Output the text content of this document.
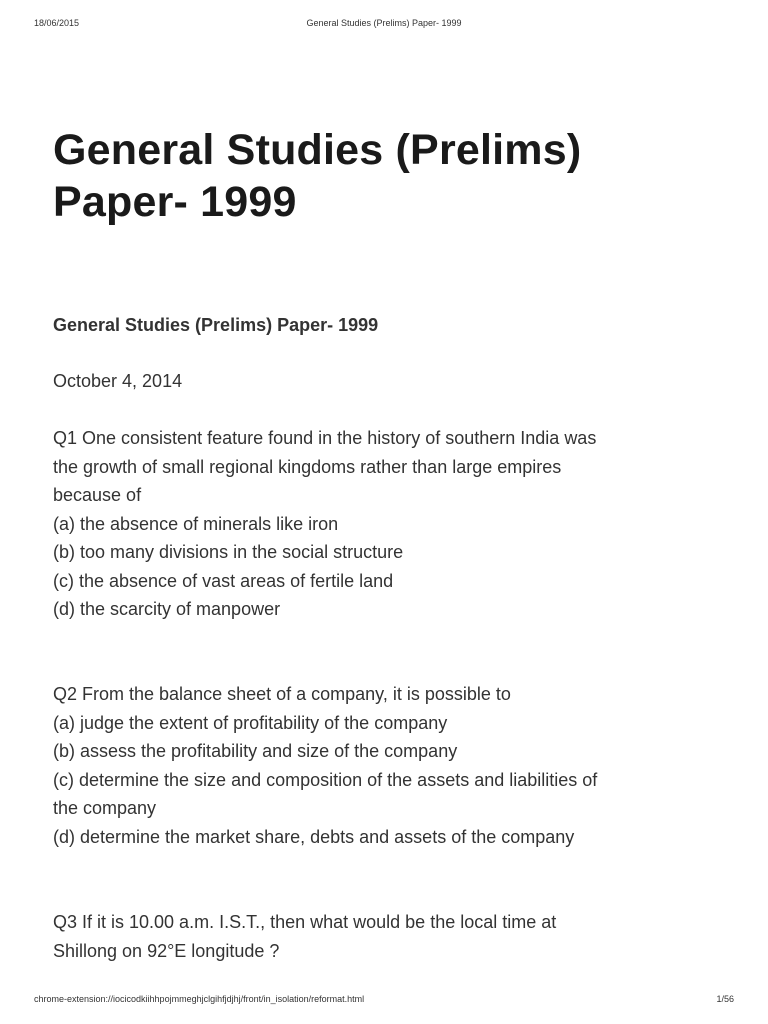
18/06/2015	General Studies (Prelims) Paper- 1999
General Studies (Prelims)
Paper- 1999

General Studies (Prelims) Paper- 1999

October 4, 2014

Q1 One consistent feature found in the history of southern India was
the growth of small regional kingdoms rather than large empires
because of
(a) the absence of minerals like iron
(b) too many divisions in the social structure
(c) the absence of vast areas of fertile land
(d) the scarcity of manpower
Q2 From the balance sheet of a company, it is possible to
(a) judge the extent of profitability of the company
(b) assess the profitability and size of the company
(c) determine the size and composition of the assets and liabilities of
the company
(d) determine the market share, debts and assets of the company
Q3 If it is 10.00 a.m. I.S.T., then what would be the local time at
Shillong on 92°E longitude ?
chrome-extension://iocicodkiihhpojmmeghjclgihfjdjhj/front/in_isolation/reformat.html	1/56
